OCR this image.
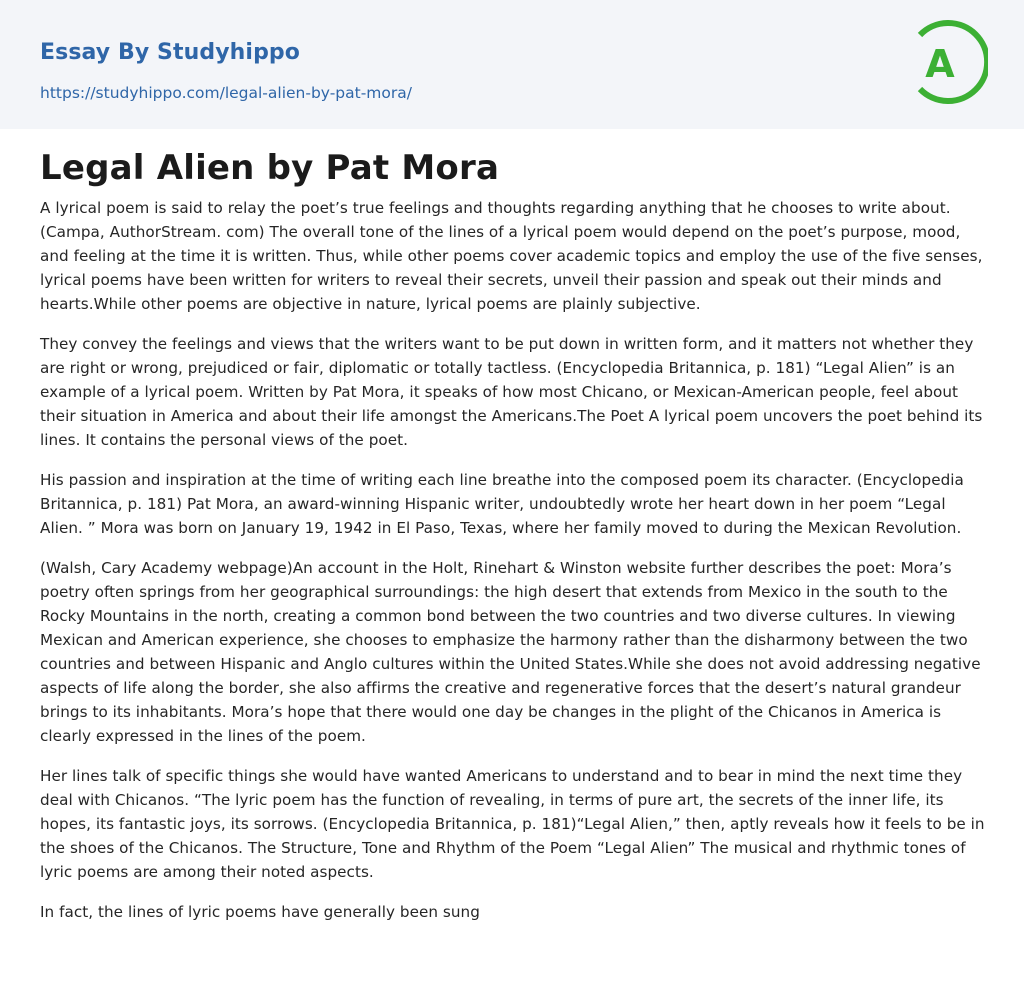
Essay By Studyhippo
https://studyhippo.com/legal-alien-by-pat-mora/
A
Legal Alien by Pat Mora

A lyrical poem is said to relay the poet’s true feelings and thoughts regarding anything that he chooses to write about. (Campa, AuthorStream. com) The overall tone of the lines of a lyrical poem would depend on the poet’s purpose, mood, and feeling at the time it is written. Thus, while other poems cover academic topics and employ the use of the five senses, lyrical poems have been written for writers to reveal their secrets, unveil their passion and speak out their minds and hearts.While other poems are objective in nature, lyrical poems are plainly subjective.

They convey the feelings and views that the writers want to be put down in written form, and it matters not whether they are right or wrong, prejudiced or fair, diplomatic or totally tactless. (Encyclopedia Britannica, p. 181) “Legal Alien” is an example of a lyrical poem. Written by Pat Mora, it speaks of how most Chicano, or Mexican-American people, feel about their situation in America and about their life amongst the Americans.The Poet A lyrical poem uncovers the poet behind its lines. It contains the personal views of the poet.

His passion and inspiration at the time of writing each line breathe into the composed poem its character. (Encyclopedia Britannica, p. 181) Pat Mora, an award-winning Hispanic writer, undoubtedly wrote her heart down in her poem “Legal Alien. ” Mora was born on January 19, 1942 in El Paso, Texas, where her family moved to during the Mexican Revolution.

(Walsh, Cary Academy webpage)An account in the Holt, Rinehart & Winston website further describes the poet: Mora’s poetry often springs from her geographical surroundings: the high desert that extends from Mexico in the south to the Rocky Mountains in the north, creating a common bond between the two countries and two diverse cultures. In viewing Mexican and American experience, she chooses to emphasize the harmony rather than the disharmony between the two countries and between Hispanic and Anglo cultures within the United States.While she does not avoid addressing negative aspects of life along the border, she also affirms the creative and regenerative forces that the desert’s natural grandeur brings to its inhabitants. Mora’s hope that there would one day be changes in the plight of the Chicanos in America is clearly expressed in the lines of the poem.

Her lines talk of specific things she would have wanted Americans to understand and to bear in mind the next time they deal with Chicanos. “The lyric poem has the function of revealing, in terms of pure art, the secrets of the inner life, its hopes, its fantastic joys, its sorrows. (Encyclopedia Britannica, p. 181)“Legal Alien,” then, aptly reveals how it feels to be in the shoes of the Chicanos. The Structure, Tone and Rhythm of the Poem “Legal Alien” The musical and rhythmic tones of lyric poems are among their noted aspects.

In fact, the lines of lyric poems have generally been sung
